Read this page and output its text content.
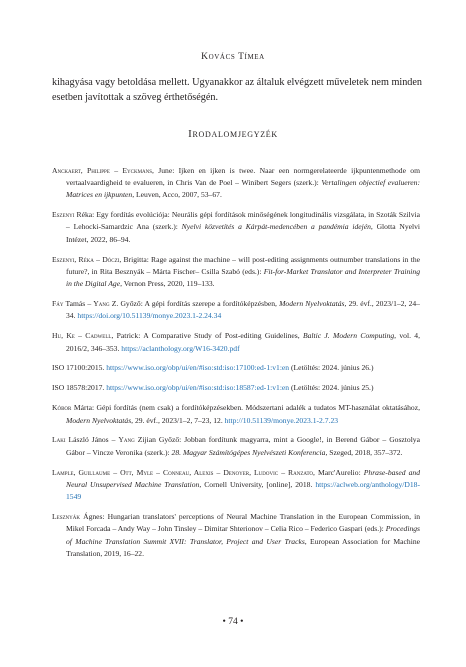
Kovács Tímea

kihagyása vagy betoldása mellett. Ugyanakkor az általuk elvégzett műveletek nem minden esetben javítottak a szöveg érthetőségén.

Irodalomjegyzék

Anckaert, Philippe – Eyckmans, June: Ijken en ijken is twee. Naar een normgerelateerde ijkpuntenmethode om vertaalvaardigheid te evalueren, in Chris Van de Poel – Winibert Segers (szerk.): Vertalingen objectief evalueren: Matrices en ijkpunten, Leuven, Acco, 2007, 53–67.

Eszenyi Réka: Egy fordítás evolúciója: Neurális gépi fordítások minőségének longitudinális vizsgálata, in Szoták Szilvia – Lehocki-Samardzic Ana (szerk.): Nyelvi közvetítés a Kárpát-medencében a pandémia idején, Glotta Nyelvi Intézet, 2022, 86–94.

Eszenyi, Réka – Dóczi, Brigitta: Rage against the machine – will post-editing assignments outnumber translations in the future?, in Rita Besznyák – Márta Fischer– Csilla Szabó (eds.): Fit-for-Market Translator and Interpreter Training in the Digital Age, Vernon Press, 2020, 119–133.

Fáy Tamás – Yang Z. Győző: A gépi fordítás szerepe a fordítóképzésben, Modern Nyelvoktatás, 29. évf., 2023/1–2, 24–34. https://doi.org/10.51139/monye.2023.1-2.24.34

Hu, Ke – Cadwell, Patrick: A Comparative Study of Post-editing Guidelines, Baltic J. Modern Computing, vol. 4, 2016/2, 346–353. https://aclanthology.org/W16-3420.pdf

ISO 17100:2015. https://www.iso.org/obp/ui/en/#iso:std:iso:17100:ed-1:v1:en (Letöltés: 2024. június 26.)

ISO 18578:2017. https://www.iso.org/obp/ui/en/#iso:std:iso:18587:ed-1:v1:en (Letöltés: 2024. június 25.)

Kóbor Márta: Gépi fordítás (nem csak) a fordítóképzésekben. Módszertani adalék a tudatos MT-használat oktatásához, Modern Nyelvoktatás, 29. évf., 2023/1–2, 7–23, 12. http://10.51139/monye.2023.1-2.7.23

Laki László János – Yang Zijian Győző: Jobban fordítunk magyarra, mint a Google!, in Berend Gábor – Gosztolya Gábor – Vincze Veronika (szerk.): 28. Magyar Számítógépes Nyelvészeti Konferencia, Szeged, 2018, 357–372.

Lample, Guillaume – Ott, Myle – Conneau, Alexis – Denoyer, Ludovic – Ranzato, Marc'Aurelio: Phrase-based and Neural Unsupervised Machine Translation, Cornell University, [online], 2018. https://aclweb.org/anthology/D18-1549

Lesznyák Ágnes: Hungarian translators' perceptions of Neural Machine Translation in the European Commission, in Mikel Forcada – Andy Way – John Tinsley – Dimitar Shterionov – Celia Rico – Federico Gaspari (eds.): Procedings of Machine Translation Summit XVII: Translator, Project and User Tracks, European Association for Machine Translation, 2019, 16–22.

• 74 •
